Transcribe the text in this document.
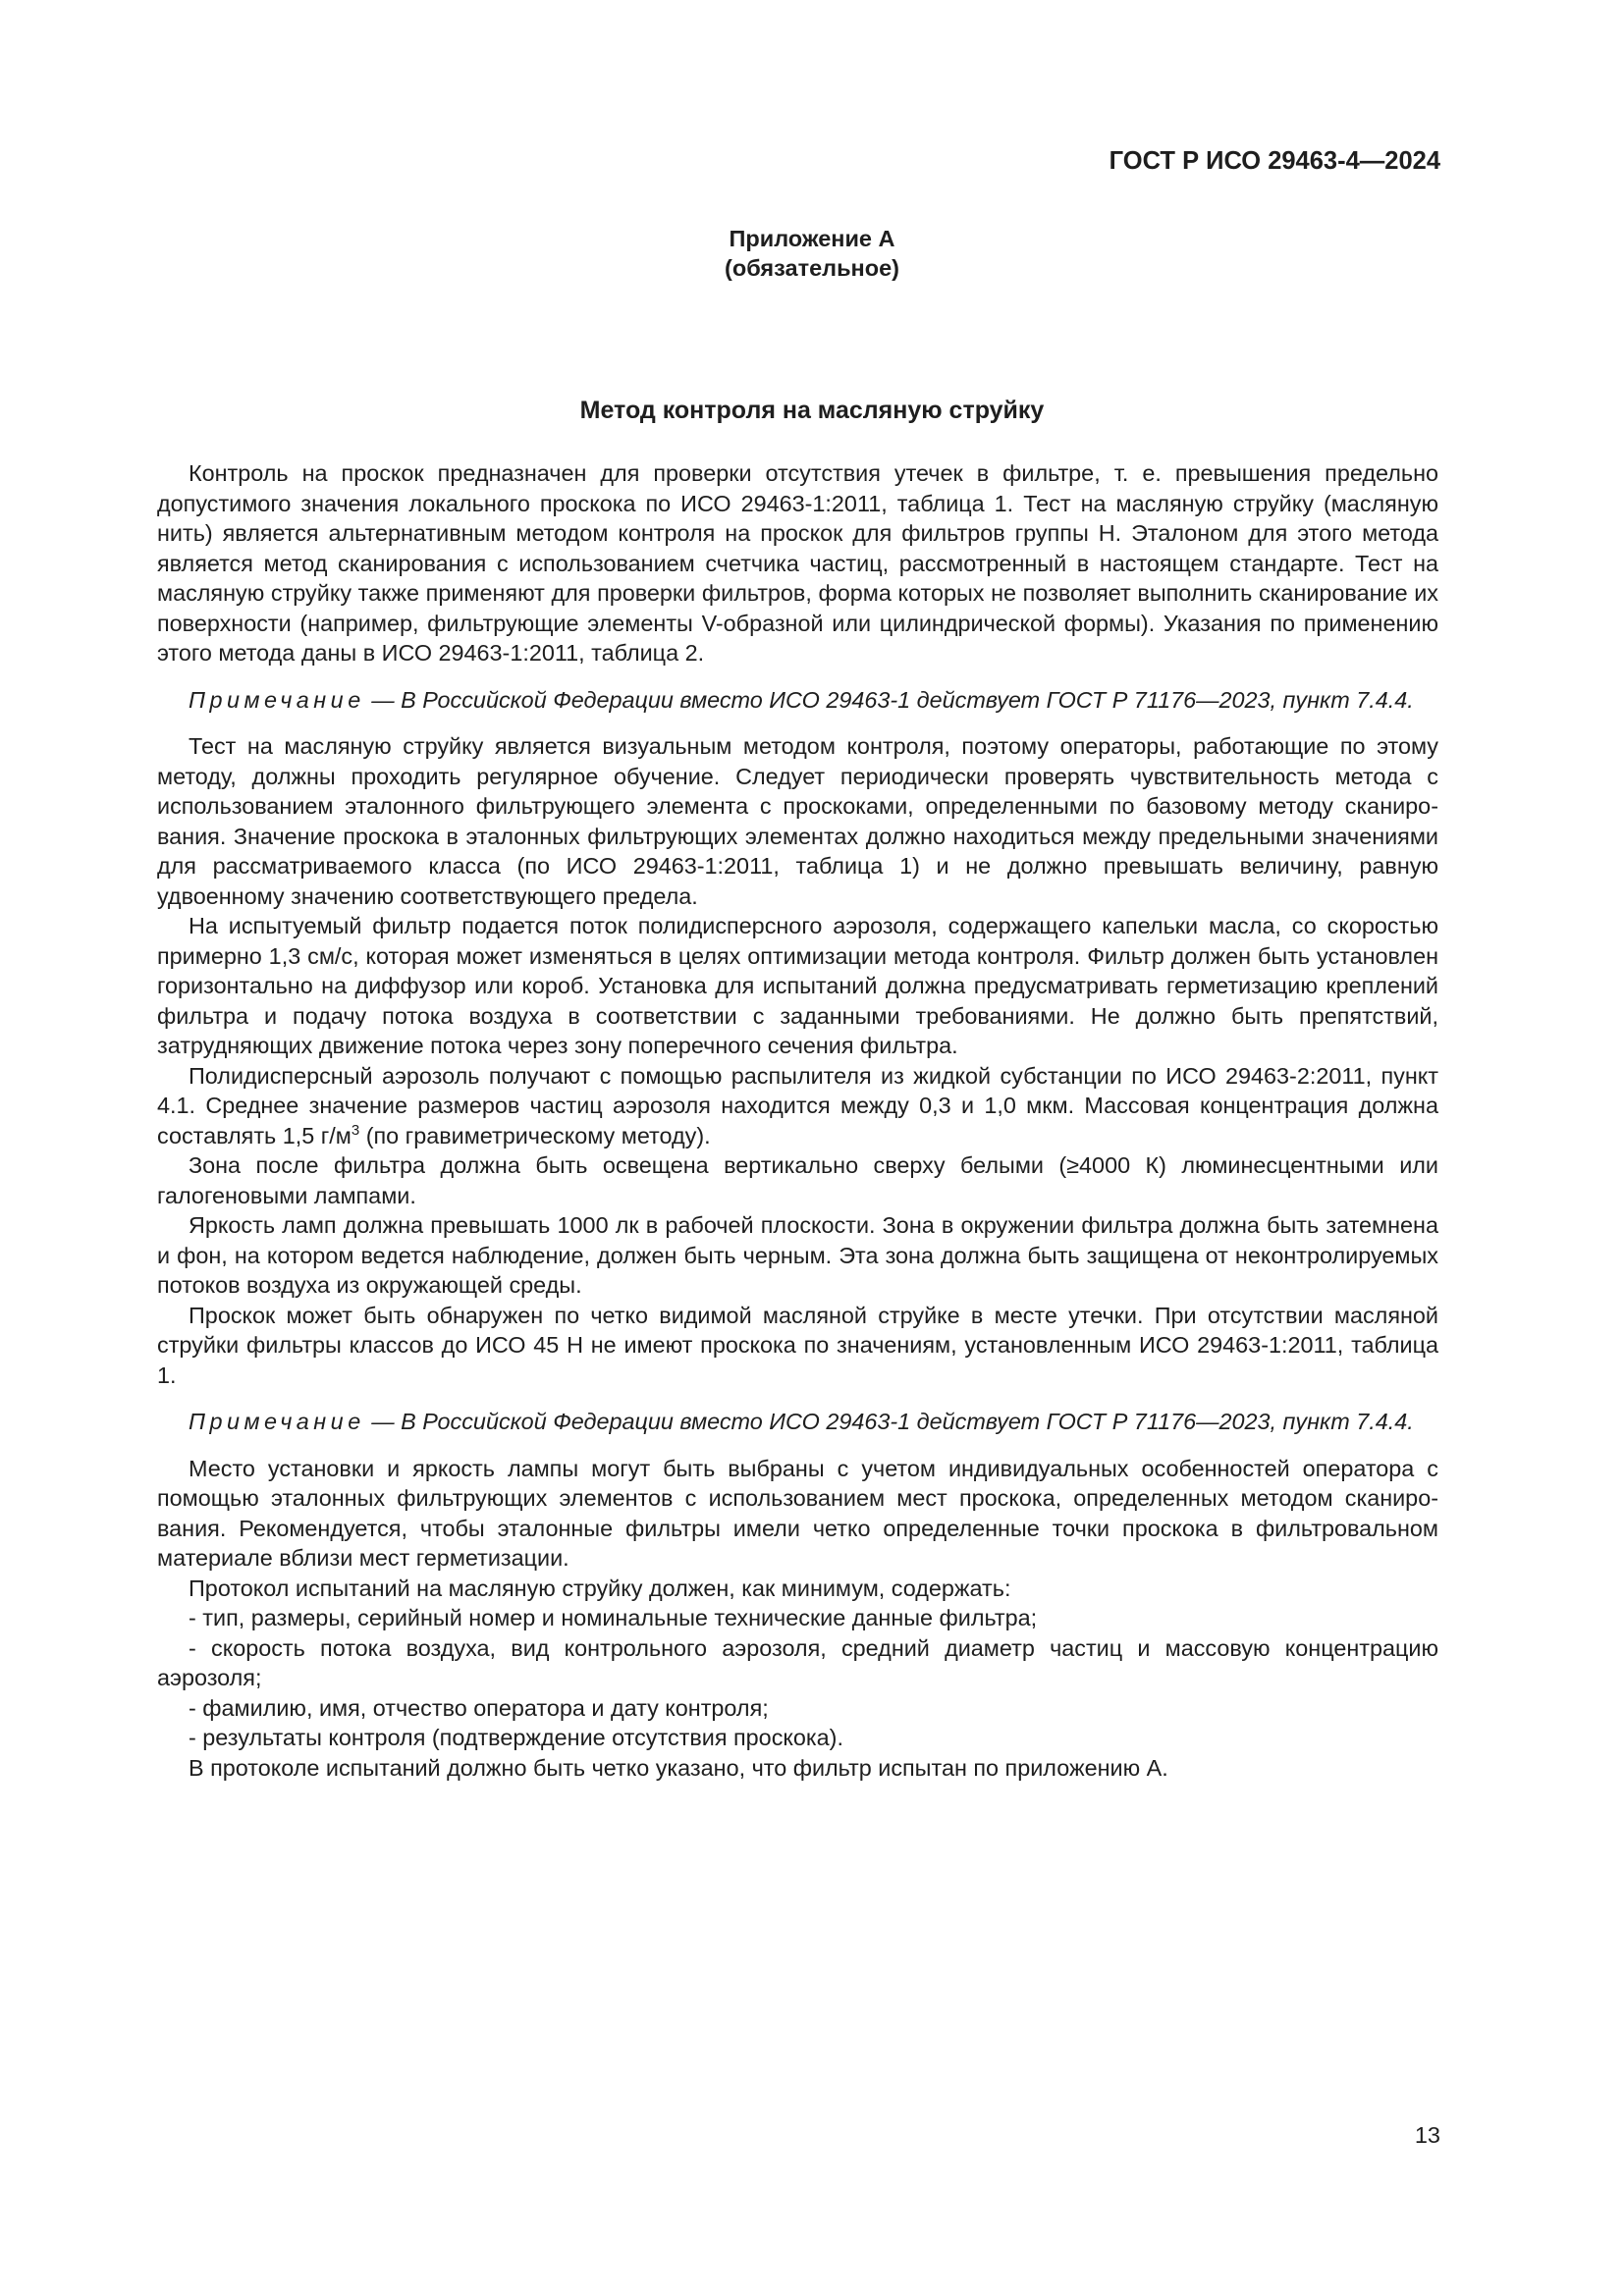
ГОСТ Р ИСО 29463-4—2024
Приложение А
(обязательное)
Метод контроля на масляную струйку

Контроль на проскок предназначен для проверки отсутствия утечек в фильтре, т. е. превышения предельно допустимого значения локального проскока по ИСО 29463-1:2011, таблица 1. Тест на масляную струйку (масляную нить) является альтернативным методом контроля на проскок для фильтров группы Н. Эталоном для этого метода является метод сканирования с использованием счетчика частиц, рассмотренный в настоящем стандарте. Тест на масляную струйку также применяют для проверки фильтров, форма которых не позволяет выполнить сканирование их поверхности (например, фильтрующие элементы V-образной или цилиндрической формы). Указания по применению этого метода даны в ИСО 29463-1:2011, таблица 2.

Примечание — В Российской Федерации вместо ИСО 29463-1 действует ГОСТ Р 71176—2023, пункт 7.4.4.

Тест на масляную струйку является визуальным методом контроля, поэтому операторы, работающие по этому методу, должны проходить регулярное обучение. Следует периодически проверять чувствительность метода с использованием эталонного фильтрующего элемента с проскоками, определенными по базовому методу сканирования. Значение проскока в эталонных фильтрующих элементах должно находиться между предельными значениями для рассматриваемого класса (по ИСО 29463-1:2011, таблица 1) и не должно превышать величину, равную удвоенному значению соответствующего предела.

На испытуемый фильтр подается поток полидисперсного аэрозоля, содержащего капельки масла, со скоростью примерно 1,3 см/с, которая может изменяться в целях оптимизации метода контроля. Фильтр должен быть установлен горизонтально на диффузор или короб. Установка для испытаний должна предусматривать герметизацию креплений фильтра и подачу потока воздуха в соответствии с заданными требованиями. Не должно быть препятствий, затрудняющих движение потока через зону поперечного сечения фильтра.

Полидисперсный аэрозоль получают с помощью распылителя из жидкой субстанции по ИСО 29463-2:2011, пункт 4.1. Среднее значение размеров частиц аэрозоля находится между 0,3 и 1,0 мкм. Массовая концентрация должна составлять 1,5 $г/м^3$ (по гравиметрическому методу).

Зона после фильтра должна быть освещена вертикально сверху белыми (≥4000 К) люминесцентными или галогеновыми лампами.

Яркость ламп должна превышать 1000 лк в рабочей плоскости. Зона в окружении фильтра должна быть затемнена и фон, на котором ведется наблюдение, должен быть черным. Эта зона должна быть защищена от неконтролируемых потоков воздуха из окружающей среды.

Проскок может быть обнаружен по четко видимой масляной струйке в месте утечки. При отсутствии масляной струйки фильтры классов до ИСО 45 Н не имеют проскока по значениям, установленным ИСО 29463-1:2011, таблица 1.

Примечание — В Российской Федерации вместо ИСО 29463-1 действует ГОСТ Р 71176—2023, пункт 7.4.4.

Место установки и яркость лампы могут быть выбраны с учетом индивидуальных особенностей оператора с помощью эталонных фильтрующих элементов с использованием мест проскока, определенных методом сканирования. Рекомендуется, чтобы эталонные фильтры имели четко определенные точки проскока в фильтровальном материале вблизи мест герметизации.

Протокол испытаний на масляную струйку должен, как минимум, содержать:

- тип, размеры, серийный номер и номинальные технические данные фильтра;
- скорость потока воздуха, вид контрольного аэрозоля, средний диаметр частиц и массовую концентрацию аэрозоля;
- фамилию, имя, отчество оператора и дату контроля;
- результаты контроля (подтверждение отсутствия проскока).

В протоколе испытаний должно быть четко указано, что фильтр испытан по приложению А.

13
